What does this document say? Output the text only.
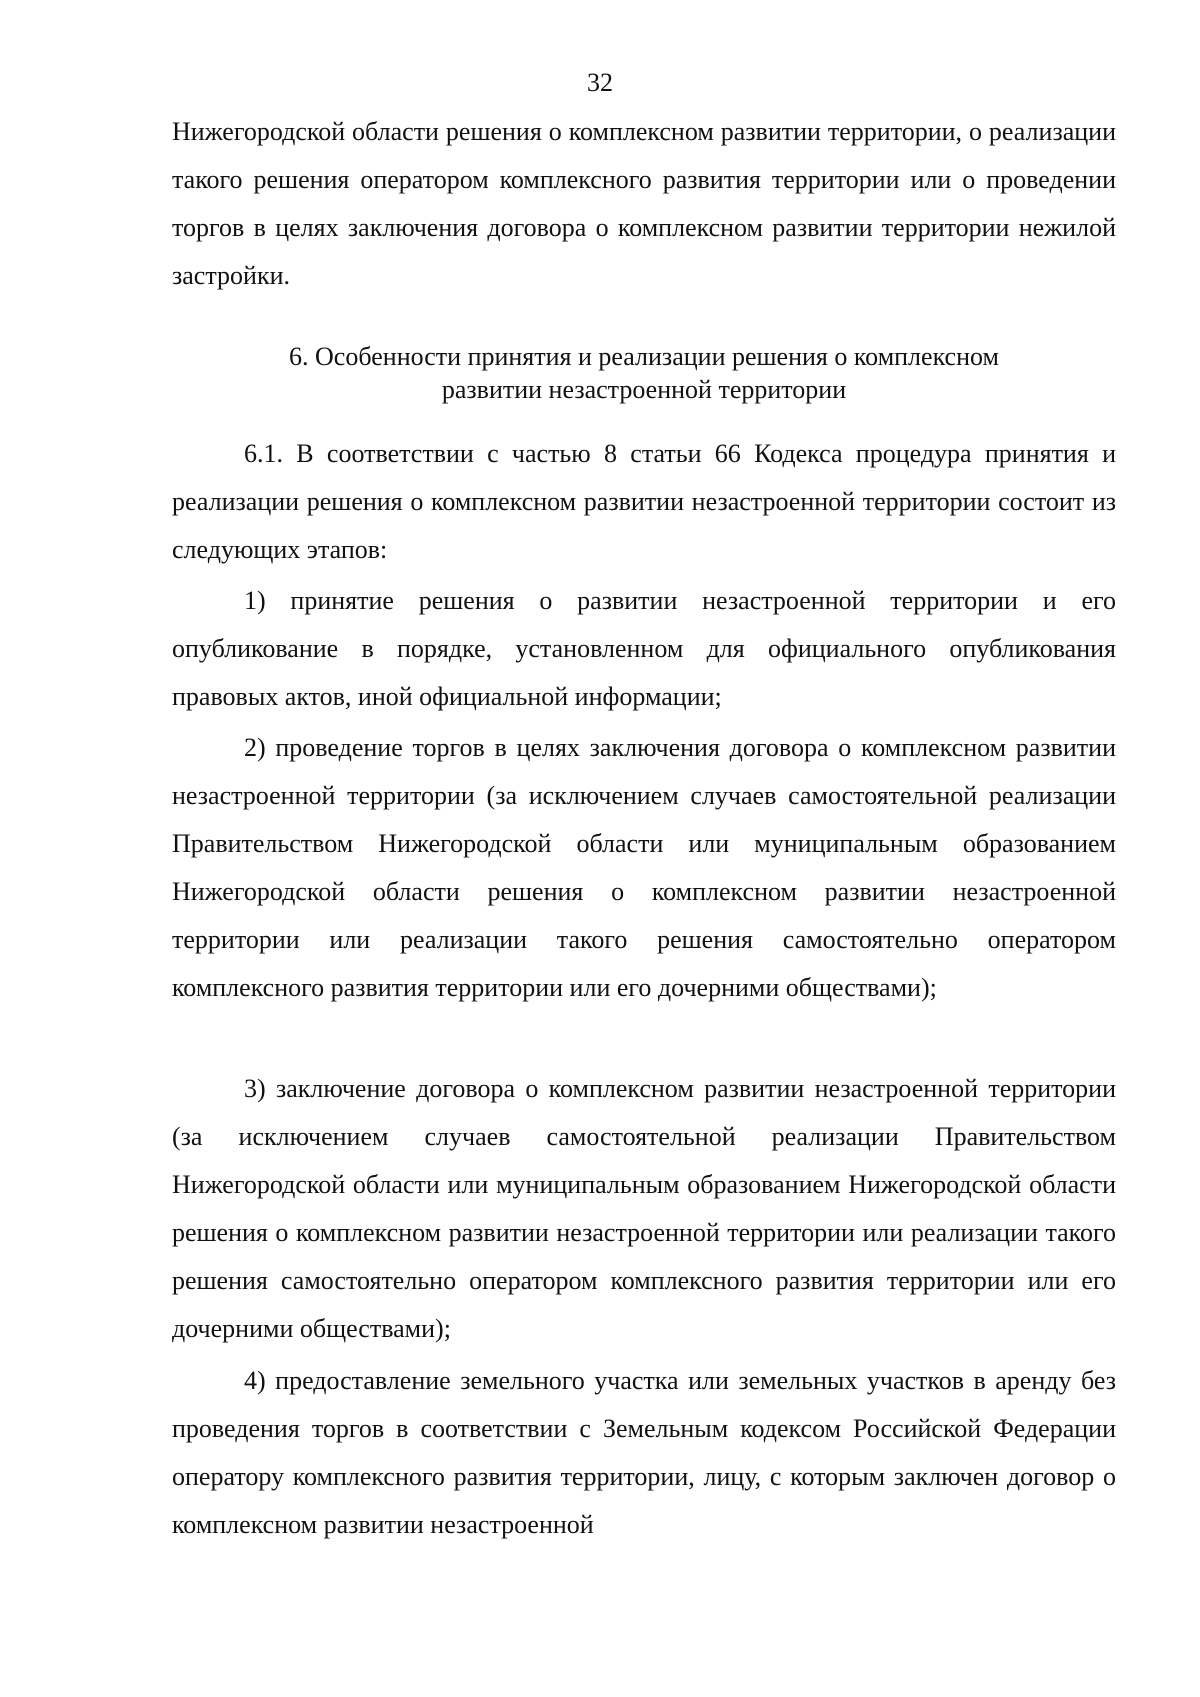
32

Нижегородской области решения о комплексном развитии территории, о реализации такого решения оператором комплексного развития территории или о проведении торгов в целях заключения договора о комплексном развитии территории нежилой застройки.

6. Особенности принятия и реализации решения о комплексном
развитии незастроенной территории

6.1. В соответствии с частью 8 статьи 66 Кодекса процедура принятия и реализации решения о комплексном развитии незастроенной территории состоит из следующих этапов:

1) принятие решения о развитии незастроенной территории и его опубликование в порядке, установленном для официального опубликования правовых актов, иной официальной информации;

2) проведение торгов в целях заключения договора о комплексном развитии незастроенной территории (за исключением случаев самостоятельной реализации Правительством Нижегородской области или муниципальным образованием Нижегородской области решения о комплексном развитии незастроенной территории или реализации такого решения самостоятельно оператором комплексного развития территории или его дочерними обществами);

3) заключение договора о комплексном развитии незастроенной территории (за исключением случаев самостоятельной реализации Правительством Нижегородской области или муниципальным образованием Нижегородской области решения о комплексном развитии незастроенной территории или реализации такого решения самостоятельно оператором комплексного развития территории или его дочерними обществами);

4) предоставление земельного участка или земельных участков в аренду без проведения торгов в соответствии с Земельным кодексом Российской Федерации оператору комплексного развития территории, лицу, с которым заключен договор о комплексном развитии незастроенной
